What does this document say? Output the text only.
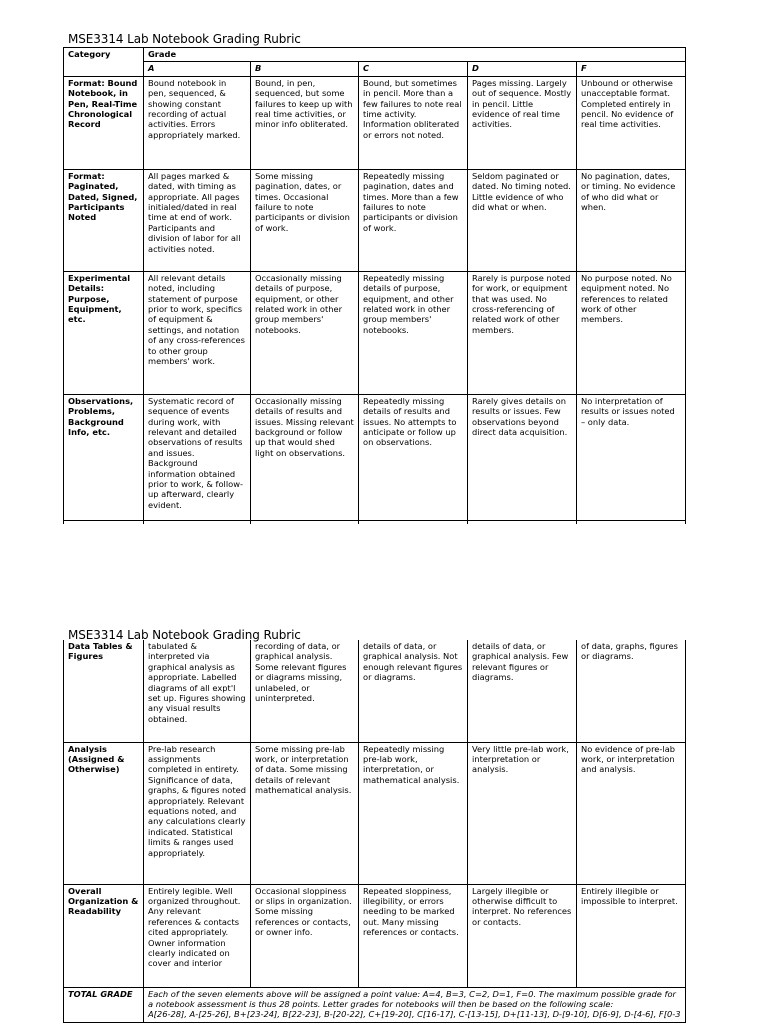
MSE3314 Lab Notebook Grading Rubric
Category	Grade				
	A	B	C	D	F
Format: Bound Notebook, in Pen, Real-Time Chronological Record	Bound notebook in pen, sequenced, & showing constant recording of actual activities. Errors appropriately marked.	Bound, in pen, sequenced, but some failures to keep up with real time activities, or minor info obliterated.	Bound, but sometimes in pencil. More than a few failures to note real time activity. Information obliterated or errors not noted.	Pages missing. Largely out of sequence. Mostly in pencil. Little evidence of real time activities.	Unbound or otherwise unacceptable format. Completed entirely in pencil. No evidence of real time activities.
Format: Paginated, Dated, Signed, Participants Noted	All pages marked & dated, with timing as appropriate. All pages initialed/dated in real time at end of work. Participants and division of labor for all activities noted.	Some missing pagination, dates, or times. Occasional failure to note participants or division of work.	Repeatedly missing pagination, dates and times. More than a few failures to note participants or division of work.	Seldom paginated or dated. No timing noted. Little evidence of who did what or when.	No pagination, dates, or timing. No evidence of who did what or when.
Experimental Details: Purpose, Equipment, etc.	All relevant details noted, including statement of purpose prior to work, specifics of equipment & settings, and notation of any cross-references to other group members' work.	Occasionally missing details of purpose, equipment, or other related work in other group members' notebooks.	Repeatedly missing details of purpose, equipment, and other related work in other group members' notebooks.	Rarely is purpose noted for work, or equipment that was used. No cross-referencing of related work of other members.	No purpose noted. No equipment noted. No references to related work of other members.
Observations, Problems, Background Info, etc.	Systematic record of sequence of events during work, with relevant and detailed observations of results and issues. Background information obtained prior to work, & follow-up afterward, clearly evident.	Occasionally missing details of results and issues. Missing relevant background or follow up that would shed light on observations.	Repeatedly missing details of results and issues. No attempts to anticipate or follow up on observations.	Rarely gives details on results or issues. Few observations beyond direct data acquisition.	No interpretation of results or issues noted – only data.

MSE3314 Lab Notebook Grading Rubric
Data Tables & Figures	tabulated & interpreted via graphical analysis as appropriate. Labelled diagrams of all expt'l set up. Figures showing any visual results obtained.	recording of data, or graphical analysis. Some relevant figures or diagrams missing, unlabeled, or uninterpreted.	details of data, or graphical analysis. Not enough relevant figures or diagrams.	details of data, or graphical analysis. Few relevant figures or diagrams.	of data, graphs, figures or diagrams.
Analysis (Assigned & Otherwise)	Pre-lab research assignments completed in entirety. Significance of data, graphs, & figures noted appropriately. Relevant equations noted, and any calculations clearly indicated. Statistical limits & ranges used appropriately.	Some missing pre-lab work, or interpretation of data. Some missing details of relevant mathematical analysis.	Repeatedly missing pre-lab work, interpretation, or mathematical analysis.	Very little pre-lab work, interpretation or analysis.	No evidence of pre-lab work, or interpretation and analysis.
Overall Organization & Readability	Entirely legible. Well organized throughout. Any relevant references & contacts cited appropriately. Owner information clearly indicated on cover and interior	Occasional sloppiness or slips in organization. Some missing references or contacts, or owner info.	Repeated sloppiness, illegibility, or errors needing to be marked out. Many missing references or contacts.	Largely illegible or otherwise difficult to interpret. No references or contacts.	Entirely illegible or impossible to interpret.
TOTAL GRADE	Each of the seven elements above will be assigned a point value: A=4, B=3, C=2, D=1, F=0. The maximum possible grade for a notebook assessment is thus 28 points. Letter grades for notebooks will then be based on the following scale:
A[26-28], A-[25-26], B+[23-24], B[22-23], B-[20-22], C+[19-20], C[16-17], C-[13-15], D+[11-13], D-[9-10], D[6-9], D-[4-6], F[0-3				
